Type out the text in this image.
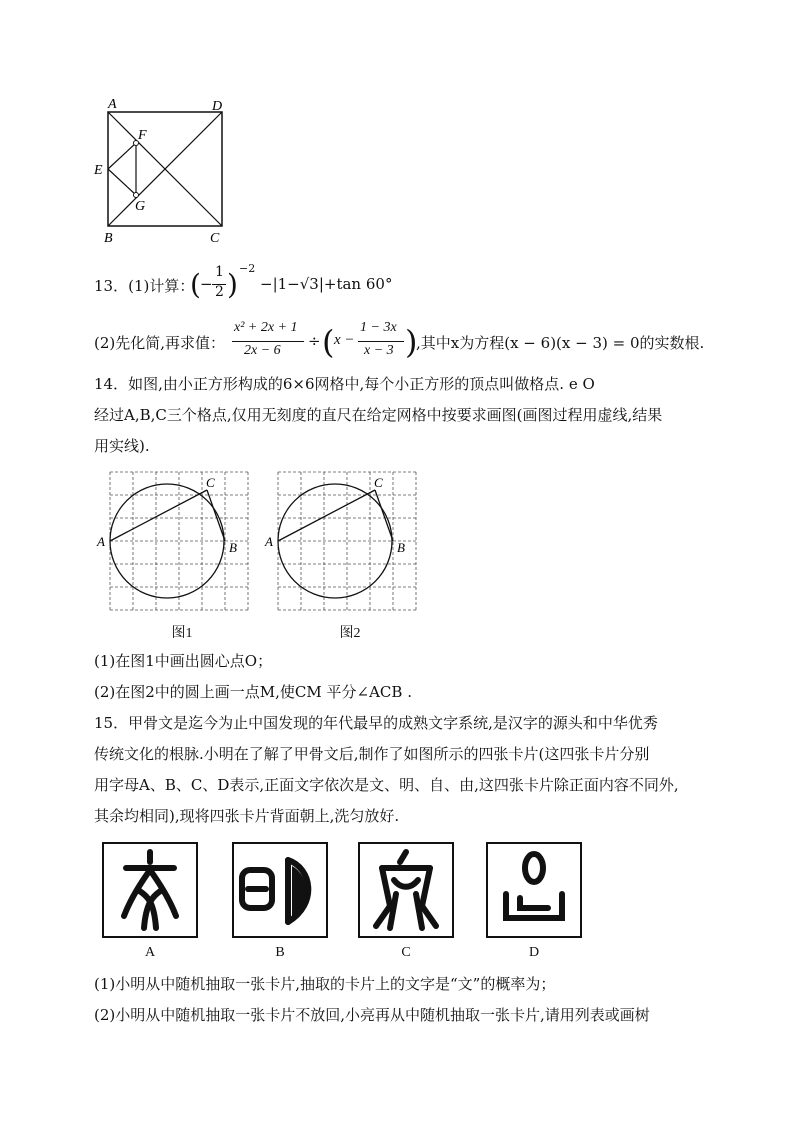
A	D
F
E
G
B	C
13．(1)计算：
( −
1
2 ) −2
−|1−√3|+tan 60°
(2)先化简,再求值：
x² + 2x + 1
2x − 6
÷ ( x −
1 − 3x
x − 3 )
,其中x为方程(x − 6)(x − 3) = 0的实数根.
14．如图,由小正方形构成的6×6网格中,每个小正方形的顶点叫做格点. e O
经过A,B,C三个格点,仅用无刻度的直尺在给定网格中按要求画图(画图过程用虚线,结果
用实线).
A
C
B A
C
B
图1	图2
(1)在图1中画出圆心点O；
(2)在图2中的圆上画一点M,使CM 平分∠ACB .
15．甲骨文是迄今为止中国发现的年代最早的成熟文字系统,是汉字的源头和中华优秀
传统文化的根脉.小明在了解了甲骨文后,制作了如图所示的四张卡片(这四张卡片分别
用字母A、B、C、D表示,正面文字依次是文、明、自、由,这四张卡片除正面内容不同外,
其余均相同),现将四张卡片背面朝上,洗匀放好.
A	B	C	D
(1)小明从中随机抽取一张卡片,抽取的卡片上的文字是“文”的概率为；
(2)小明从中随机抽取一张卡片不放回,小亮再从中随机抽取一张卡片,请用列表或画树
